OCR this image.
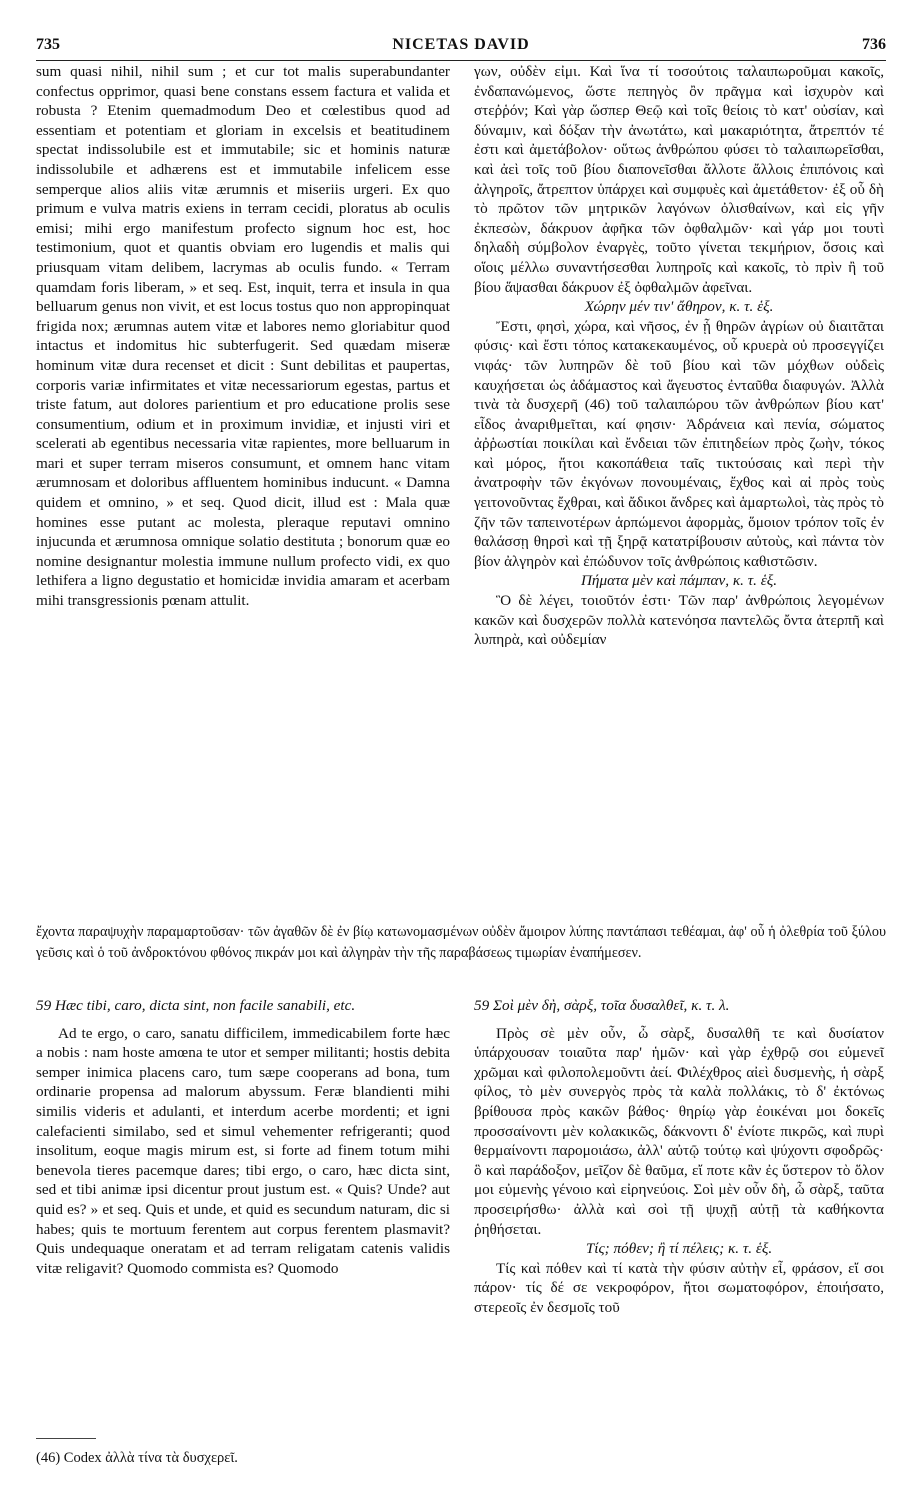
735	NICETAS DAVID	736

sum quasi nihil, nihil sum ; et cur tot malis superabundanter confectus opprimor, quasi bene constans essem factura et valida et robusta ? Etenim quemadmodum Deo et cœlestibus quod ad essentiam et potentiam et gloriam in excelsis et beatitudinem spectat indissolubile est et immutabile; sic et hominis naturæ indissolubile et adhærens est et immutabile infelicem esse semperque alios aliis vitæ ærumnis et miseriis urgeri. Ex quo primum e vulva matris exiens in terram cecidi, ploratus ab oculis emisi; mihi ergo manifestum profecto signum hoc est, hoc testimonium, quot et quantis obviam ero lugendis et malis qui priusquam vitam delibem, lacrymas ab oculis fundo. « Terram quamdam foris liberam, » et seq. Est, inquit, terra et insula in qua belluarum genus non vivit, et est locus tostus quo non appropinquat frigida nox; ærumnas autem vitæ et labores nemo gloriabitur quod intactus et indomitus hic subterfugerit. Sed quædam miseræ hominum vitæ dura recenset et dicit : Sunt debilitas et paupertas, corporis variæ infirmitates et vitæ necessariorum egestas, partus et triste fatum, aut dolores parientium et pro educatione prolis sese consumentium, odium et in proximum invidiæ, et injusti viri et scelerati ab egentibus necessaria vitæ rapientes, more belluarum in mari et super terram miseros consumunt, et omnem hanc vitam ærumnosam et doloribus affluentem hominibus inducunt. « Damna quidem et omnino, » et seq. Quod dicit, illud est : Mala quæ homines esse putant ac molesta, pleraque reputavi omnino injucunda et ærumnosa omnique solatio destituta ; bonorum quæ eo nomine designantur molestia immune nullum profecto vidi, ex quo lethifera a ligno degustatio et homicidæ invidia amaram et acerbam mihi transgressionis pœnam attulit.

γων, οὐδὲν εἰμι. Καὶ ἵνα τί τοσούτοις ταλαιπωροῦμαι κακοῖς, ἐνδαπανώμενος, ὥστε πεπηγὸς ὂν πρᾶγμα καὶ ἰσχυρὸν καὶ στεῤῥόν; Καὶ γὰρ ὥσπερ Θεῷ καὶ τοῖς θείοις τὸ κατ' οὐσίαν, καὶ δύναμιν, καὶ δόξαν τὴν ἀνωτάτω, καὶ μακαριότητα, ἄτρεπτόν τέ ἐστι καὶ ἀμετάβολον· οὕτως ἀνθρώπου φύσει τὸ ταλαιπωρεῖσθαι, καὶ ἀεὶ τοῖς τοῦ βίου διαπονεῖσθαι ἄλλοτε ἄλλοις ἐπιπόνοις καὶ ἀλγηροῖς, ἄτρεπτον ὑπάρχει καὶ συμφυὲς καὶ ἀμετάθετον· ἐξ οὗ δὴ τὸ πρῶτον τῶν μητρικῶν λαγόνων ὀλισθαίνων, καὶ εἰς γῆν ἐκπεσὼν, δάκρυον ἀφῆκα τῶν ὀφθαλμῶν· καὶ γάρ μοι τουτὶ δηλαδὴ σύμβολον ἐναργὲς, τοῦτο γίνεται τεκμήριον, ὅσοις καὶ οἵοις μέλλω συναντήσεσθαι λυπηροῖς καὶ κακοῖς, τὸ πρὶν ἢ τοῦ βίου ἅψασθαι δάκρυον ἐξ ὀφθαλμῶν ἀφεῖναι.

Χώρην μέν τιν' ἄθηρον, κ. τ. ἑξ.

Ἔστι, φησὶ, χώρα, καὶ νῆσος, ἐν ᾗ θηρῶν ἀγρίων οὐ διαιτᾶται φύσις· καὶ ἔστι τόπος κατακεκαυμένος, οὗ κρυερὰ οὐ προσεγγίζει νιφάς· τῶν λυπηρῶν δὲ τοῦ βίου καὶ τῶν μόχθων οὐδεὶς καυχήσεται ὡς ἀδάμαστος καὶ ἄγευστος ἐνταῦθα διαφυγών. Ἀλλὰ τινὰ τὰ δυσχερῆ (46) τοῦ ταλαιπώρου τῶν ἀνθρώπων βίου κατ' εἶδος ἀναριθμεῖται, καί φησιν· Ἀδράνεια καὶ πενία, σώματος ἀῤῥωστίαι ποικίλαι καὶ ἔνδειαι τῶν ἐπιτηδείων πρὸς ζωὴν, τόκος καὶ μόρος, ἤτοι κακοπάθεια ταῖς τικτούσαις καὶ περὶ τὴν ἀνατροφὴν τῶν ἐκγόνων πονουμέναις, ἔχθος καὶ αἱ πρὸς τοὺς γειτονοῦντας ἔχθραι, καὶ ἄδικοι ἄνδρες καὶ ἁμαρτωλοὶ, τὰς πρὸς τὸ ζῆν τῶν ταπεινοτέρων ἁρπώμενοι ἀφορμὰς, ὅμοιον τρόπον τοῖς ἐν θαλάσσῃ θηρσὶ καὶ τῇ ξηρᾷ κατατρίβουσιν αὐτοὺς, καὶ πάντα τὸν βίον ἀλγηρὸν καὶ ἐπώδυνον τοῖς ἀνθρώποις καθιστῶσιν.

Πήματα μὲν καὶ πάμπαν, κ. τ. ἑξ.

Ὃ δὲ λέγει, τοιοῦτόν ἐστι· Τῶν παρ' ἀνθρώποις λεγομένων κακῶν καὶ δυσχερῶν πολλὰ κατενόησα παντελῶς ὄντα ἀτερπῆ καὶ λυπηρὰ, καὶ οὐδεμίαν

ἔχοντα παραψυχὴν παραμαρτοῦσαν· τῶν ἀγαθῶν δὲ ἐν βίῳ κατωνομασμένων οὐδὲν ἄμοιρον λύπης παντάπασι τεθέαμαι, ἀφ' οὗ ἡ ὀλεθρία τοῦ ξύλου γεῦσις καὶ ὁ τοῦ ἀνδροκτόνου φθόνος πικράν μοι καὶ ἀλγηρὰν τὴν τῆς παραβάσεως τιμωρίαν ἐναπήμεσεν.

59 Hæc tibi, caro, dicta sint, non facile sanabili, etc.

Ad te ergo, o caro, sanatu difficilem, immedicabilem forte hæc a nobis : nam hoste amœna te utor et semper militanti; hostis debita semper inimica placens caro, tum sæpe cooperans ad bona, tum ordinarie propensa ad malorum abyssum. Feræ blandienti mihi similis videris et adulanti, et interdum acerbe mordenti; et igni calefacienti similabo, sed et simul vehementer refrigeranti; quod insolitum, eoque magis mirum est, si forte ad finem totum mihi benevola tieres pacemque dares; tibi ergo, o caro, hæc dicta sint, sed et tibi animæ ipsi dicentur prout justum est. « Quis? Unde? aut quid es? » et seq. Quis et unde, et quid es secundum naturam, dic si habes; quis te mortuum ferentem aut corpus ferentem plasmavit? Quis undequaque oneratam et ad terram religatam catenis validis vitæ religavit? Quomodo commista es? Quomodo

59 Σοὶ μὲν δὴ, σὰρξ, τοῖα δυσαλθεῖ, κ. τ. λ.

Πρὸς σὲ μὲν οὖν, ὦ σὰρξ, δυσαλθῆ τε καὶ δυσίατον ὑπάρχουσαν τοιαῦτα παρ' ἡμῶν· καὶ γὰρ ἐχθρῷ σοι εὐμενεῖ χρῶμαι καὶ φιλοπολεμοῦντι ἀεί. Φιλέχθρος αἰεὶ δυσμενὴς, ἡ σὰρξ φίλος, τὸ μὲν συνεργὸς πρὸς τὰ καλὰ πολλάκις, τὸ δ' ἐκτόνως βρίθουσα πρὸς κακῶν βάθος· θηρίῳ γὰρ ἐοικέναι μοι δοκεῖς προσσαίνοντι μὲν κολακικῶς, δάκνοντι δ' ἐνίοτε πικρῶς, καὶ πυρὶ θερμαίνοντι παρομοιάσω, ἀλλ' αὐτῷ τούτῳ καὶ ψύχοντι σφοδρῶς· ὃ καὶ παράδοξον, μεῖζον δὲ θαῦμα, εἴ ποτε κἂν ἐς ὕστερον τὸ ὅλον μοι εὐμενὴς γένοιο καὶ εἰρηνεύοις. Σοὶ μὲν οὖν δὴ, ὦ σὰρξ, ταῦτα προσειρήσθω· ἀλλὰ καὶ σοὶ τῇ ψυχῇ αὐτῇ τὰ καθήκοντα ῥηθήσεται.

Τίς; πόθεν; ἢ τί πέλεις; κ. τ. ἑξ.

Τίς καὶ πόθεν καὶ τί κατὰ τὴν φύσιν αὐτὴν εἶ, φράσον, εἴ σοι πάρον· τίς δέ σε νεκροφόρον, ἤτοι σωματοφόρον, ἐποιήσατο, στερεοῖς ἐν δεσμοῖς τοῦ

(46) Codex ἀλλὰ τίνα τὰ δυσχερεῖ.
